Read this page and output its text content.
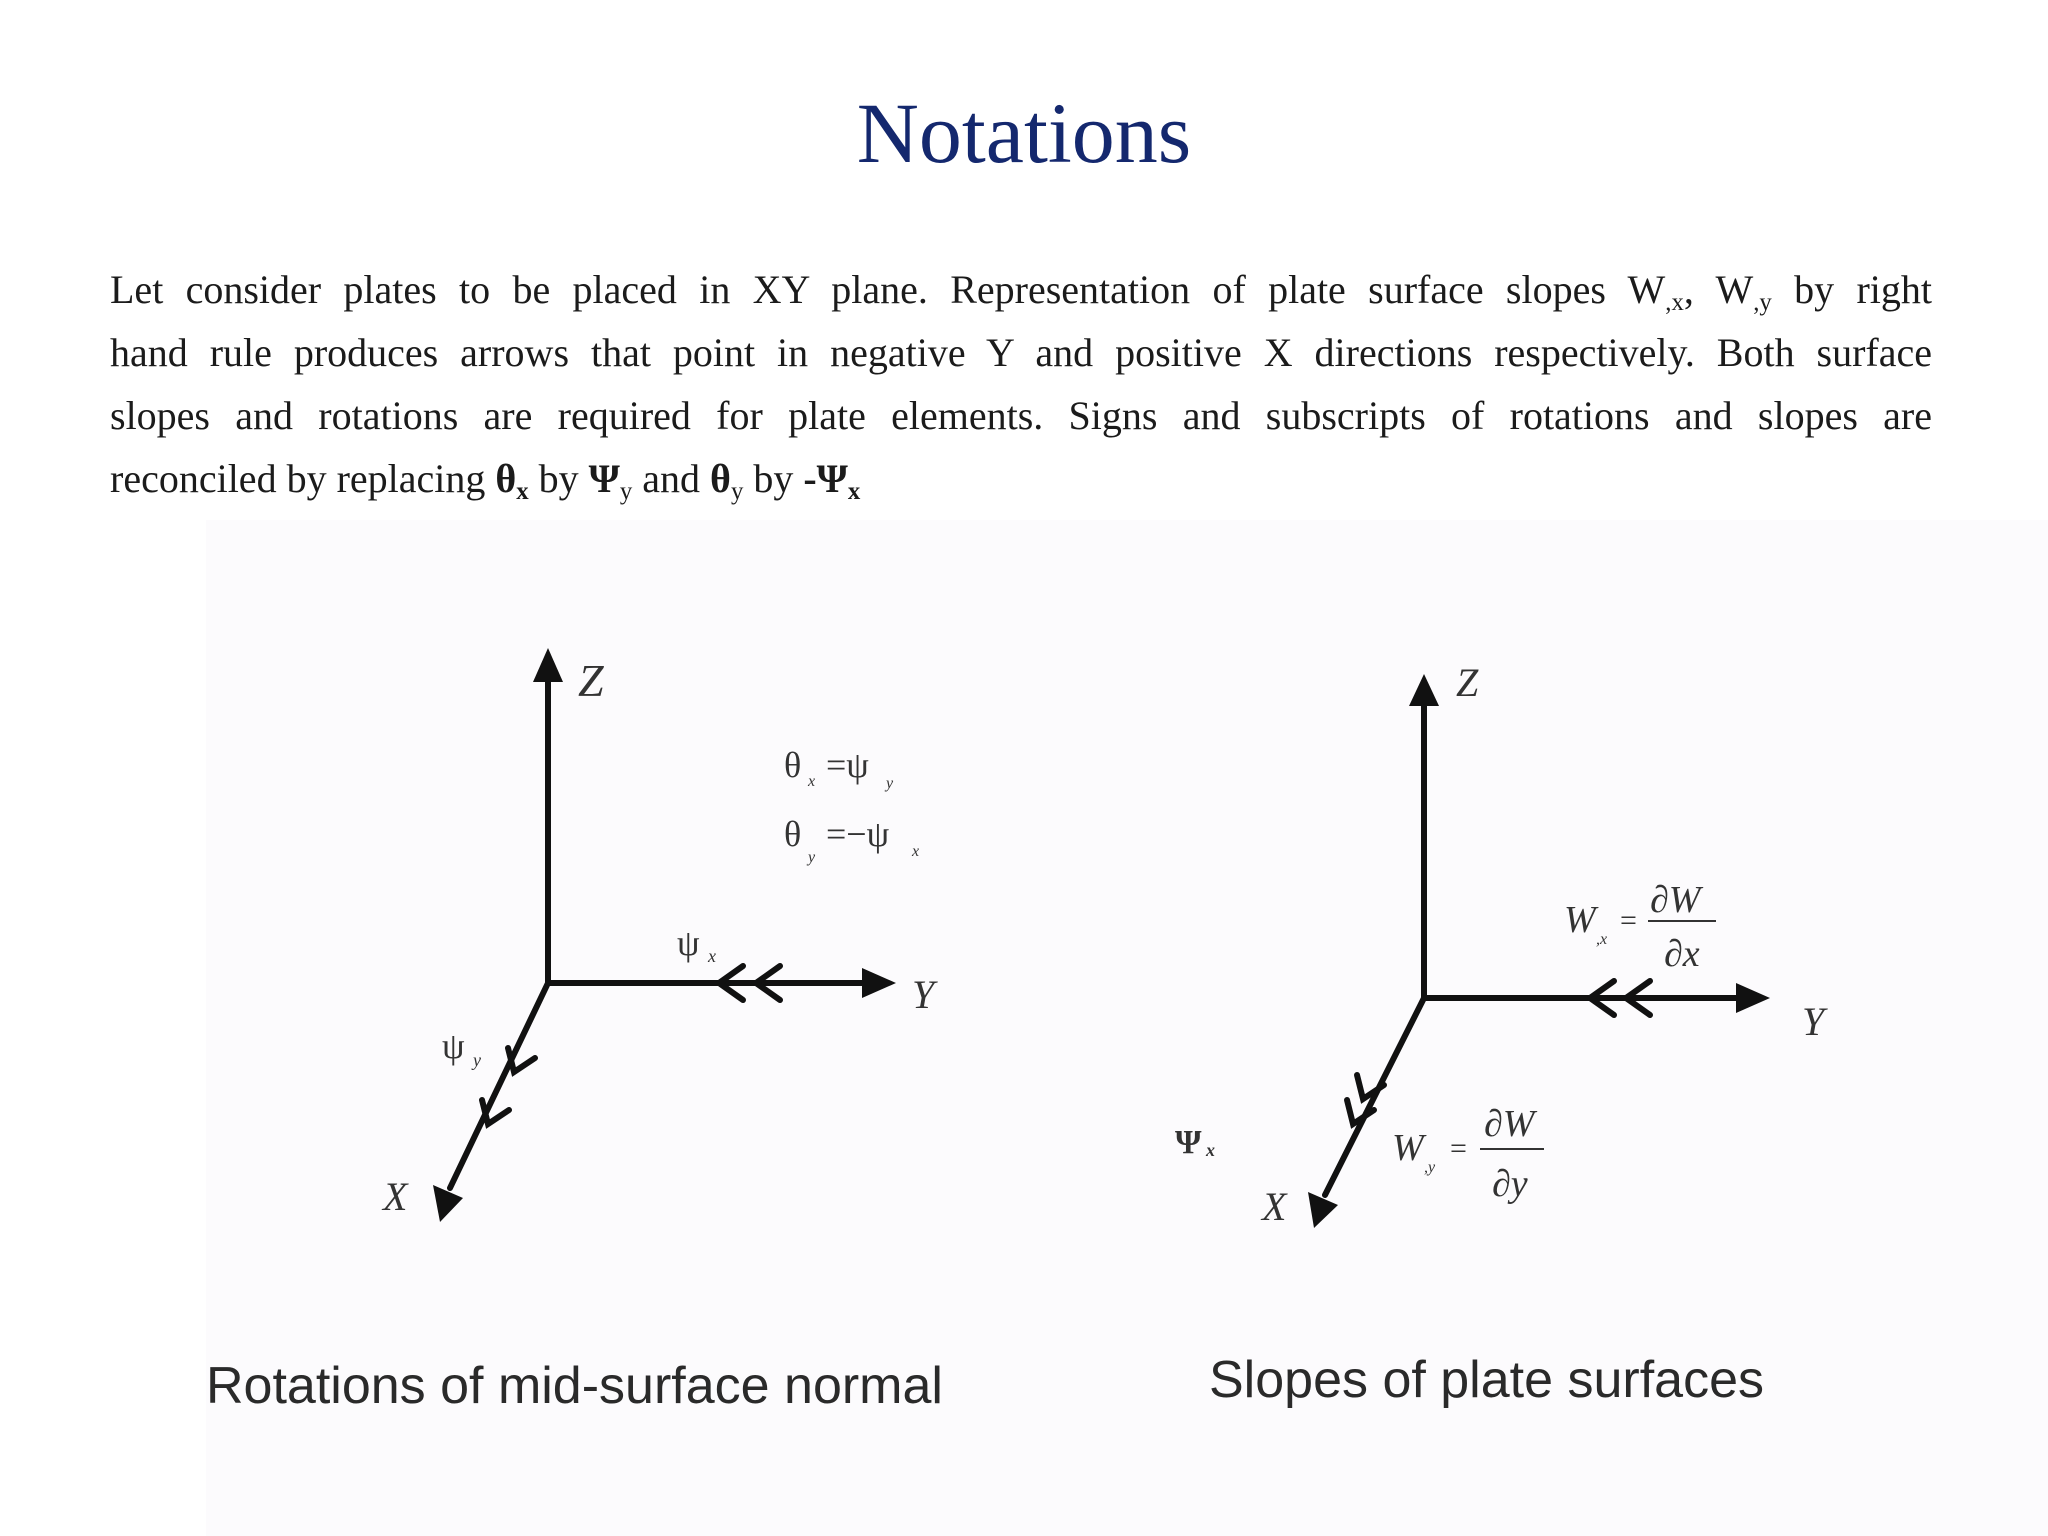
Notations
Let consider plates to be placed in XY plane. Representation of plate surface slopes $W_{,x}$, $W_{,y}$ by right
hand rule produces arrows that point in negative Y and positive X directions respectively. Both surface
slopes and rotations are required for plate elements. Signs and subscripts of rotations and slopes are
reconciled by replacing $\theta_x$ by $\Psi_y$ and $\theta_y$ by $-\Psi_x$
Z
Y
X
ψ x
ψ y
θ x =ψ y
θ
y
=−ψ x
Z
Y
X
Ψ x
W ,x
= ∂W
∂x
W ,y
=
∂W
∂y
Rotations of mid-surface normal	Slopes of plate surfaces
